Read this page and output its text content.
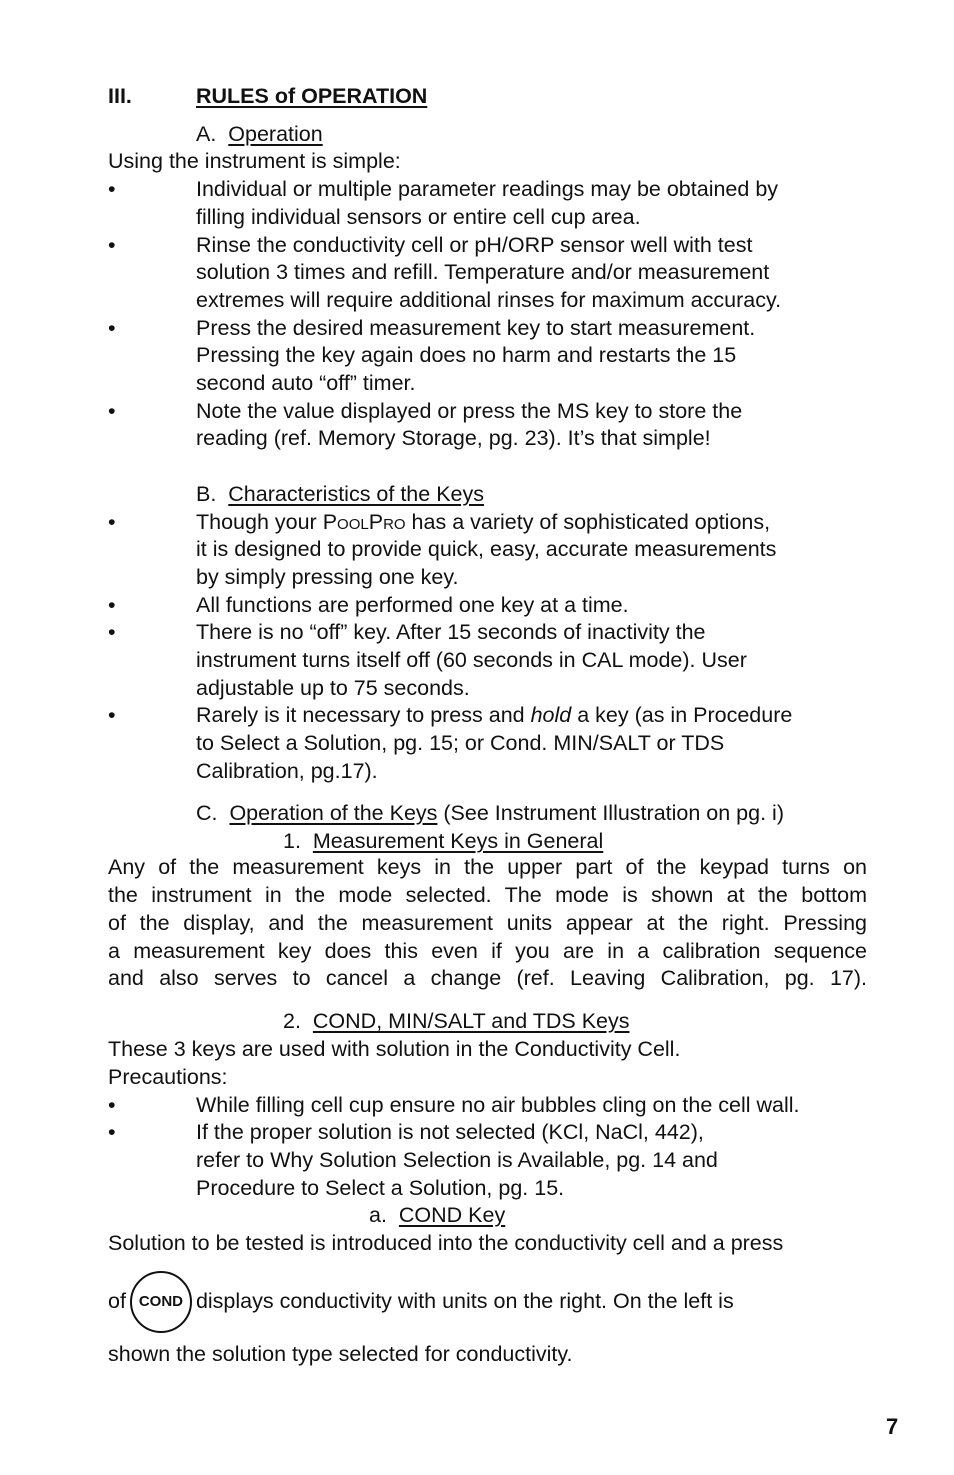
III.	RULES of OPERATION
A. Operation
Using the instrument is simple:
•	Individual or multiple parameter readings may be obtained by
filling individual sensors or entire cell cup area.
•	Rinse the conductivity cell or pH/ORP sensor well with test
solution 3 times and refill. Temperature and/or measurement
extremes will require additional rinses for maximum accuracy.
•	Press the desired measurement key to start measurement.
Pressing the key again does no harm and restarts the 15
second auto “off” timer.
•	Note the value displayed or press the MS key to store the
reading (ref. Memory Storage, pg. 23). It’s that simple!
B. Characteristics of the Keys
•	Though your POOLPRO has a variety of sophisticated options,
it is designed to provide quick, easy, accurate measurements
by simply pressing one key.
•	All functions are performed one key at a time.
•	There is no “off” key. After 15 seconds of inactivity the
instrument turns itself off (60 seconds in CAL mode). User
adjustable up to 75 seconds.
•	Rarely is it necessary to press and hold a key (as in Procedure
to Select a Solution, pg. 15; or Cond. MIN/SALT or TDS
Calibration, pg.17).
C. Operation of the Keys (See Instrument Illustration on pg. i)
1. Measurement Keys in General
Any of the measurement keys in the upper part of the keypad turns on
the instrument in the mode selected. The mode is shown at the bottom
of the display, and the measurement units appear at the right. Pressing
a measurement key does this even if you are in a calibration sequence
and also serves to cancel a change (ref. Leaving Calibration, pg. 17).
2. COND, MIN/SALT and TDS Keys
These 3 keys are used with solution in the Conductivity Cell.
Precautions:
•	While filling cell cup ensure no air bubbles cling on the cell wall.
•	If the proper solution is not selected (KCl, NaCl, 442),
refer to Why Solution Selection is Available, pg. 14 and
Procedure to Select a Solution, pg. 15.
a. COND Key
Solution to be tested is introduced into the conductivity cell and a press
of COND displays conductivity with units on the right. On the left is
shown the solution type selected for conductivity.
7
